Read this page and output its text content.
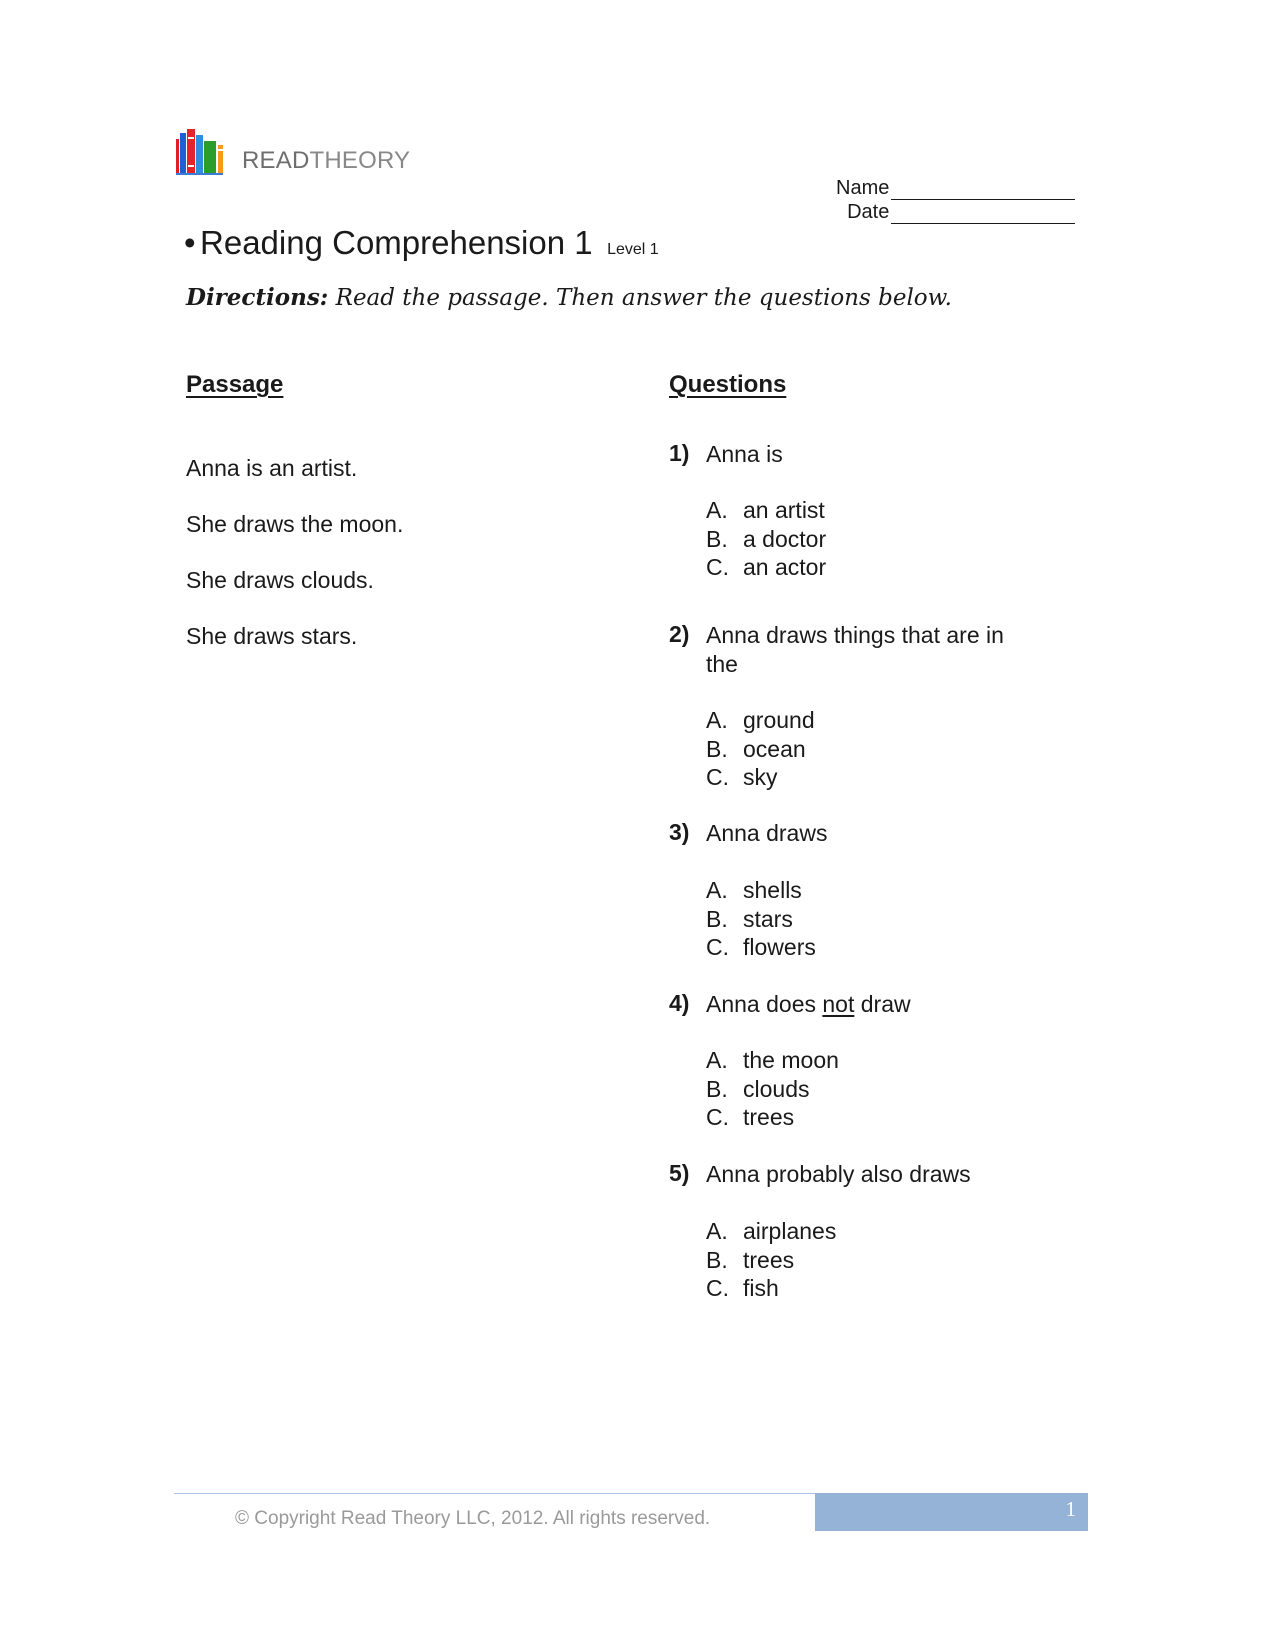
READTHEORY
Name
Date
• Reading Comprehension 1 Level 1
Directions: Read the passage. Then answer the questions below.
Passage	Questions
Anna is an artist.
She draws the moon.
She draws clouds.
She draws stars.
1) Anna is
A. an artist
B. a doctor
C. an actor
2) Anna draws things that are in the
A. ground
B. ocean
C. sky
3) Anna draws
A. shells
B. stars
C. flowers
4) Anna does not draw
A. the moon
B. clouds
C. trees
5) Anna probably also draws
A. airplanes
B. trees
C. fish
© Copyright Read Theory LLC, 2012. All rights reserved.	1
